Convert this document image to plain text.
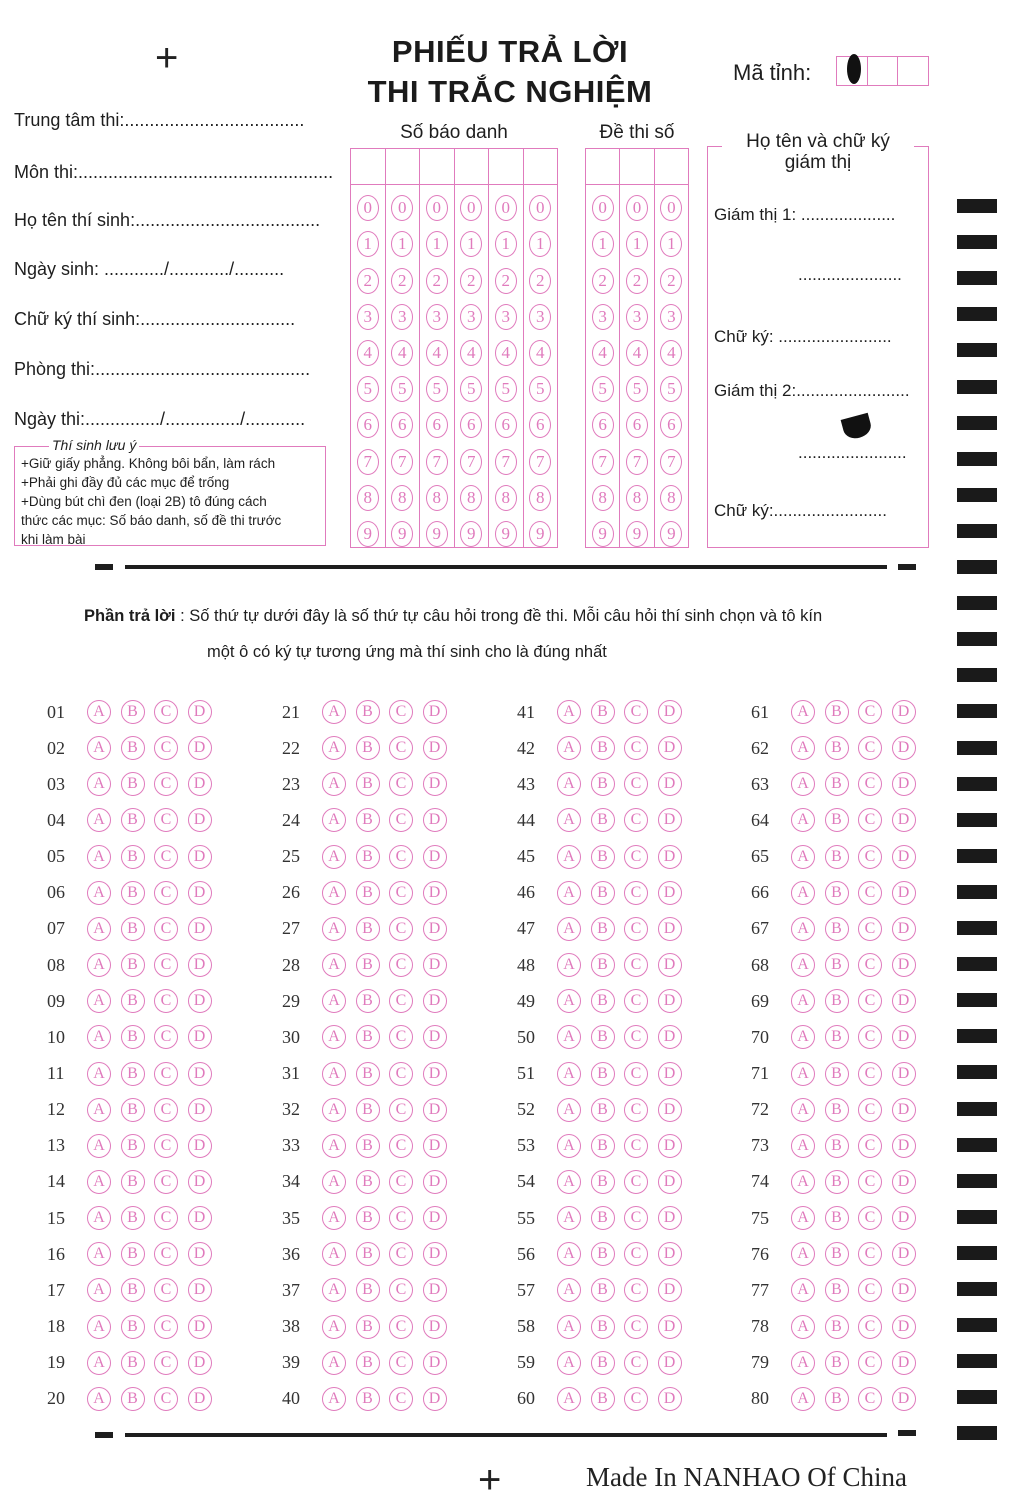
+
+
PHIẾU TRẢ LỜI
THI TRẮC NGHIỆM
Mã tỉnh:
Trung tâm thi:....................................
Môn thi:...................................................
Họ tên thí sinh:.....................................
Ngày sinh: ............/............/..........
Chữ ký thí sinh:...............................
Phòng thi:...........................................
Ngày thi:.............../.............../............
Thí sinh lưu ý
+Giữ giấy phẳng. Không bôi bẩn, làm rách
+Phải ghi đầy đủ các mục để trống
+Dùng bút chì đen (loại 2B) tô đúng cách
thức các mục: Số báo danh, số đề thi trước
khi làm bài
Số báo danh
0
1
2
3
4
5
6
7
8
9
0
1
2
3
4
5
6
7
8
9
0
1
2
3
4
5
6
7
8
9
0
1
2
3
4
5
6
7
8
9
0
1
2
3
4
5
6
7
8
9
0
1
2
3
4
5
6
7
8
9
Đề thi số
0
1
2
3
4
5
6
7
8
9
0
1
2
3
4
5
6
7
8
9
0
1
2
3
4
5
6
7
8
9
Họ tên và chữ ký giám thị
Giám thị 1: ....................
......................
Chữ ký: ........................
Giám thị 2:........................
.......................
Chữ ký:........................
Phần trả lời : Số thứ tự dưới đây là số thứ tự câu hỏi trong đề thi. Mỗi câu hỏi thí sinh chọn và tô kín
một ô có ký tự tương ứng mà thí sinh cho là đúng nhất
01	A	B	C	D
02	A	B	C	D
03	A	B	C	D
04	A	B	C	D
05	A	B	C	D
06	A	B	C	D
07	A	B	C	D
08	A	B	C	D
09	A	B	C	D
10	A	B	C	D
11	A	B	C	D
12	A	B	C	D
13	A	B	C	D
14	A	B	C	D
15	A	B	C	D
16	A	B	C	D
17	A	B	C	D
18	A	B	C	D
19	A	B	C	D
20	A	B	C	D
21	A	B	C	D
22	A	B	C	D
23	A	B	C	D
24	A	B	C	D
25	A	B	C	D
26	A	B	C	D
27	A	B	C	D
28	A	B	C	D
29	A	B	C	D
30	A	B	C	D
31	A	B	C	D
32	A	B	C	D
33	A	B	C	D
34	A	B	C	D
35	A	B	C	D
36	A	B	C	D
37	A	B	C	D
38	A	B	C	D
39	A	B	C	D
40	A	B	C	D
41	A	B	C	D
42	A	B	C	D
43	A	B	C	D
44	A	B	C	D
45	A	B	C	D
46	A	B	C	D
47	A	B	C	D
48	A	B	C	D
49	A	B	C	D
50	A	B	C	D
51	A	B	C	D
52	A	B	C	D
53	A	B	C	D
54	A	B	C	D
55	A	B	C	D
56	A	B	C	D
57	A	B	C	D
58	A	B	C	D
59	A	B	C	D
60	A	B	C	D
61	A	B	C	D
62	A	B	C	D
63	A	B	C	D
64	A	B	C	D
65	A	B	C	D
66	A	B	C	D
67	A	B	C	D
68	A	B	C	D
69	A	B	C	D
70	A	B	C	D
71	A	B	C	D
72	A	B	C	D
73	A	B	C	D
74	A	B	C	D
75	A	B	C	D
76	A	B	C	D
77	A	B	C	D
78	A	B	C	D
79	A	B	C	D
80	A	B	C	D
Made In NANHAO Of China
